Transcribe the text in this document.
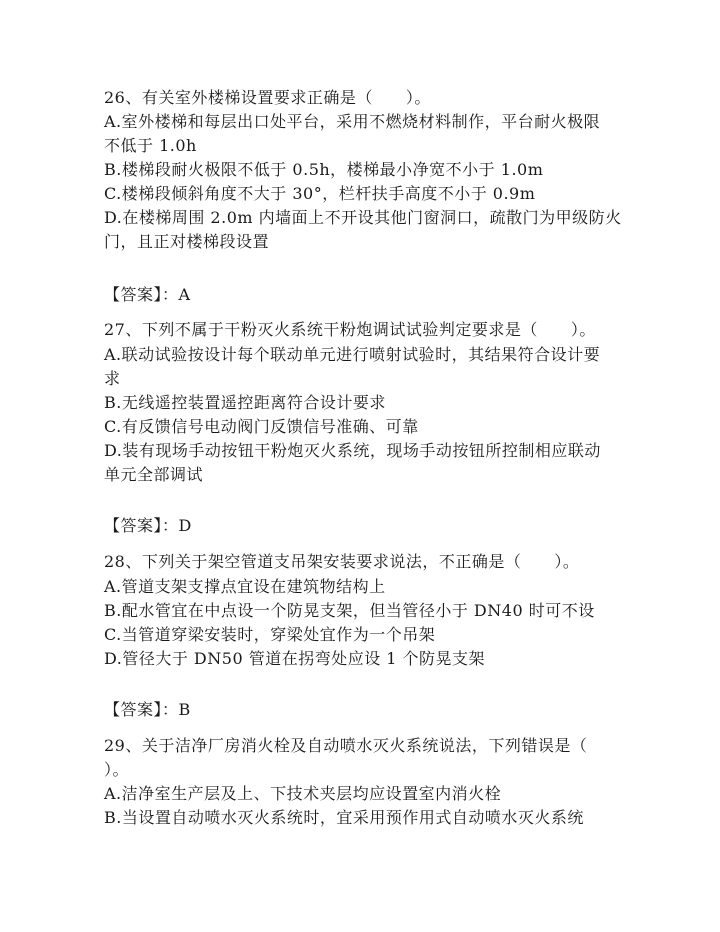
26、有关室外楼梯设置要求正确是（　　）。
A.室外楼梯和每层出口处平台，采用不燃烧材料制作，平台耐火极限
不低于 1.0h
B.楼梯段耐火极限不低于 0.5h，楼梯最小净宽不小于 1.0m
C.楼梯段倾斜角度不大于 30°，栏杆扶手高度不小于 0.9m
D.在楼梯周围 2.0m 内墙面上不开设其他门窗洞口，疏散门为甲级防火
门，且正对楼梯段设置
【答案】：A
27、下列不属于干粉灭火系统干粉炮调试试验判定要求是（　　）。
A.联动试验按设计每个联动单元进行喷射试验时，其结果符合设计要
求
B.无线遥控装置遥控距离符合设计要求
C.有反馈信号电动阀门反馈信号准确、可靠
D.装有现场手动按钮干粉炮灭火系统，现场手动按钮所控制相应联动
单元全部调试
【答案】：D
28、下列关于架空管道支吊架安装要求说法，不正确是（　　）。
A.管道支架支撑点宜设在建筑物结构上
B.配水管宜在中点设一个防晃支架，但当管径小于 DN40 时可不设
C.当管道穿梁安装时，穿梁处宜作为一个吊架
D.管径大于 DN50 管道在拐弯处应设 1 个防晃支架
【答案】：B
29、关于洁净厂房消火栓及自动喷水灭火系统说法，下列错误是（
）。
A.洁净室生产层及上、下技术夹层均应设置室内消火栓
B.当设置自动喷水灭火系统时，宜采用预作用式自动喷水灭火系统
